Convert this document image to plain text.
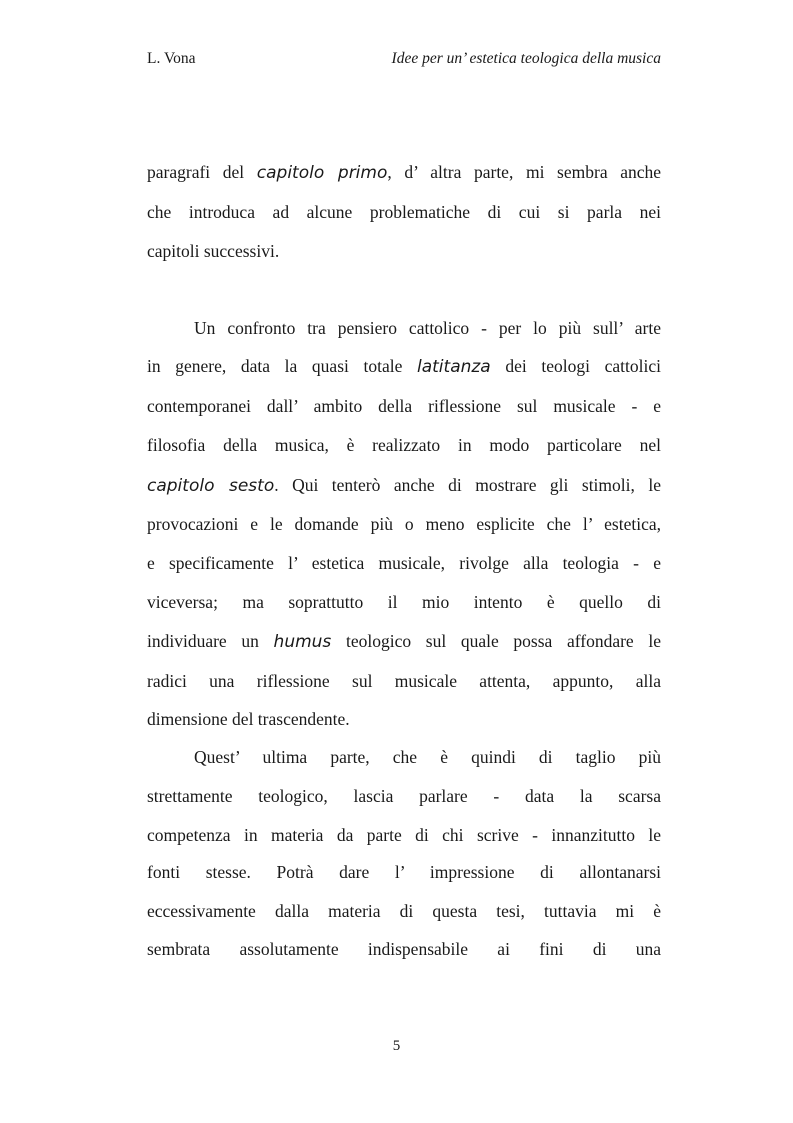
L. Vona	Idee per un’ estetica teologica della musica
paragrafi del capitolo primo, d’ altra parte, mi sembra anche
che introduca ad alcune problematiche di cui si parla nei
capitoli successivi.
Un confronto tra pensiero cattolico - per lo più sull’ arte
in genere, data la quasi totale latitanza dei teologi cattolici
contemporanei dall’ ambito della riflessione sul musicale - e
filosofia della musica, è realizzato in modo particolare nel
capitolo sesto. Qui tenterò anche di mostrare gli stimoli, le
provocazioni e le domande più o meno esplicite che l’ estetica,
e specificamente l’ estetica musicale, rivolge alla teologia - e
viceversa; ma soprattutto il mio intento è quello di
individuare un humus teologico sul quale possa affondare le
radici una riflessione sul musicale attenta, appunto, alla
dimensione del trascendente.
Quest’ ultima parte, che è quindi di taglio più
strettamente teologico, lascia parlare - data la scarsa
competenza in materia da parte di chi scrive - innanzitutto le
fonti stesse. Potrà dare l’ impressione di allontanarsi
eccessivamente dalla materia di questa tesi, tuttavia mi è
sembrata assolutamente indispensabile ai fini di una
5
